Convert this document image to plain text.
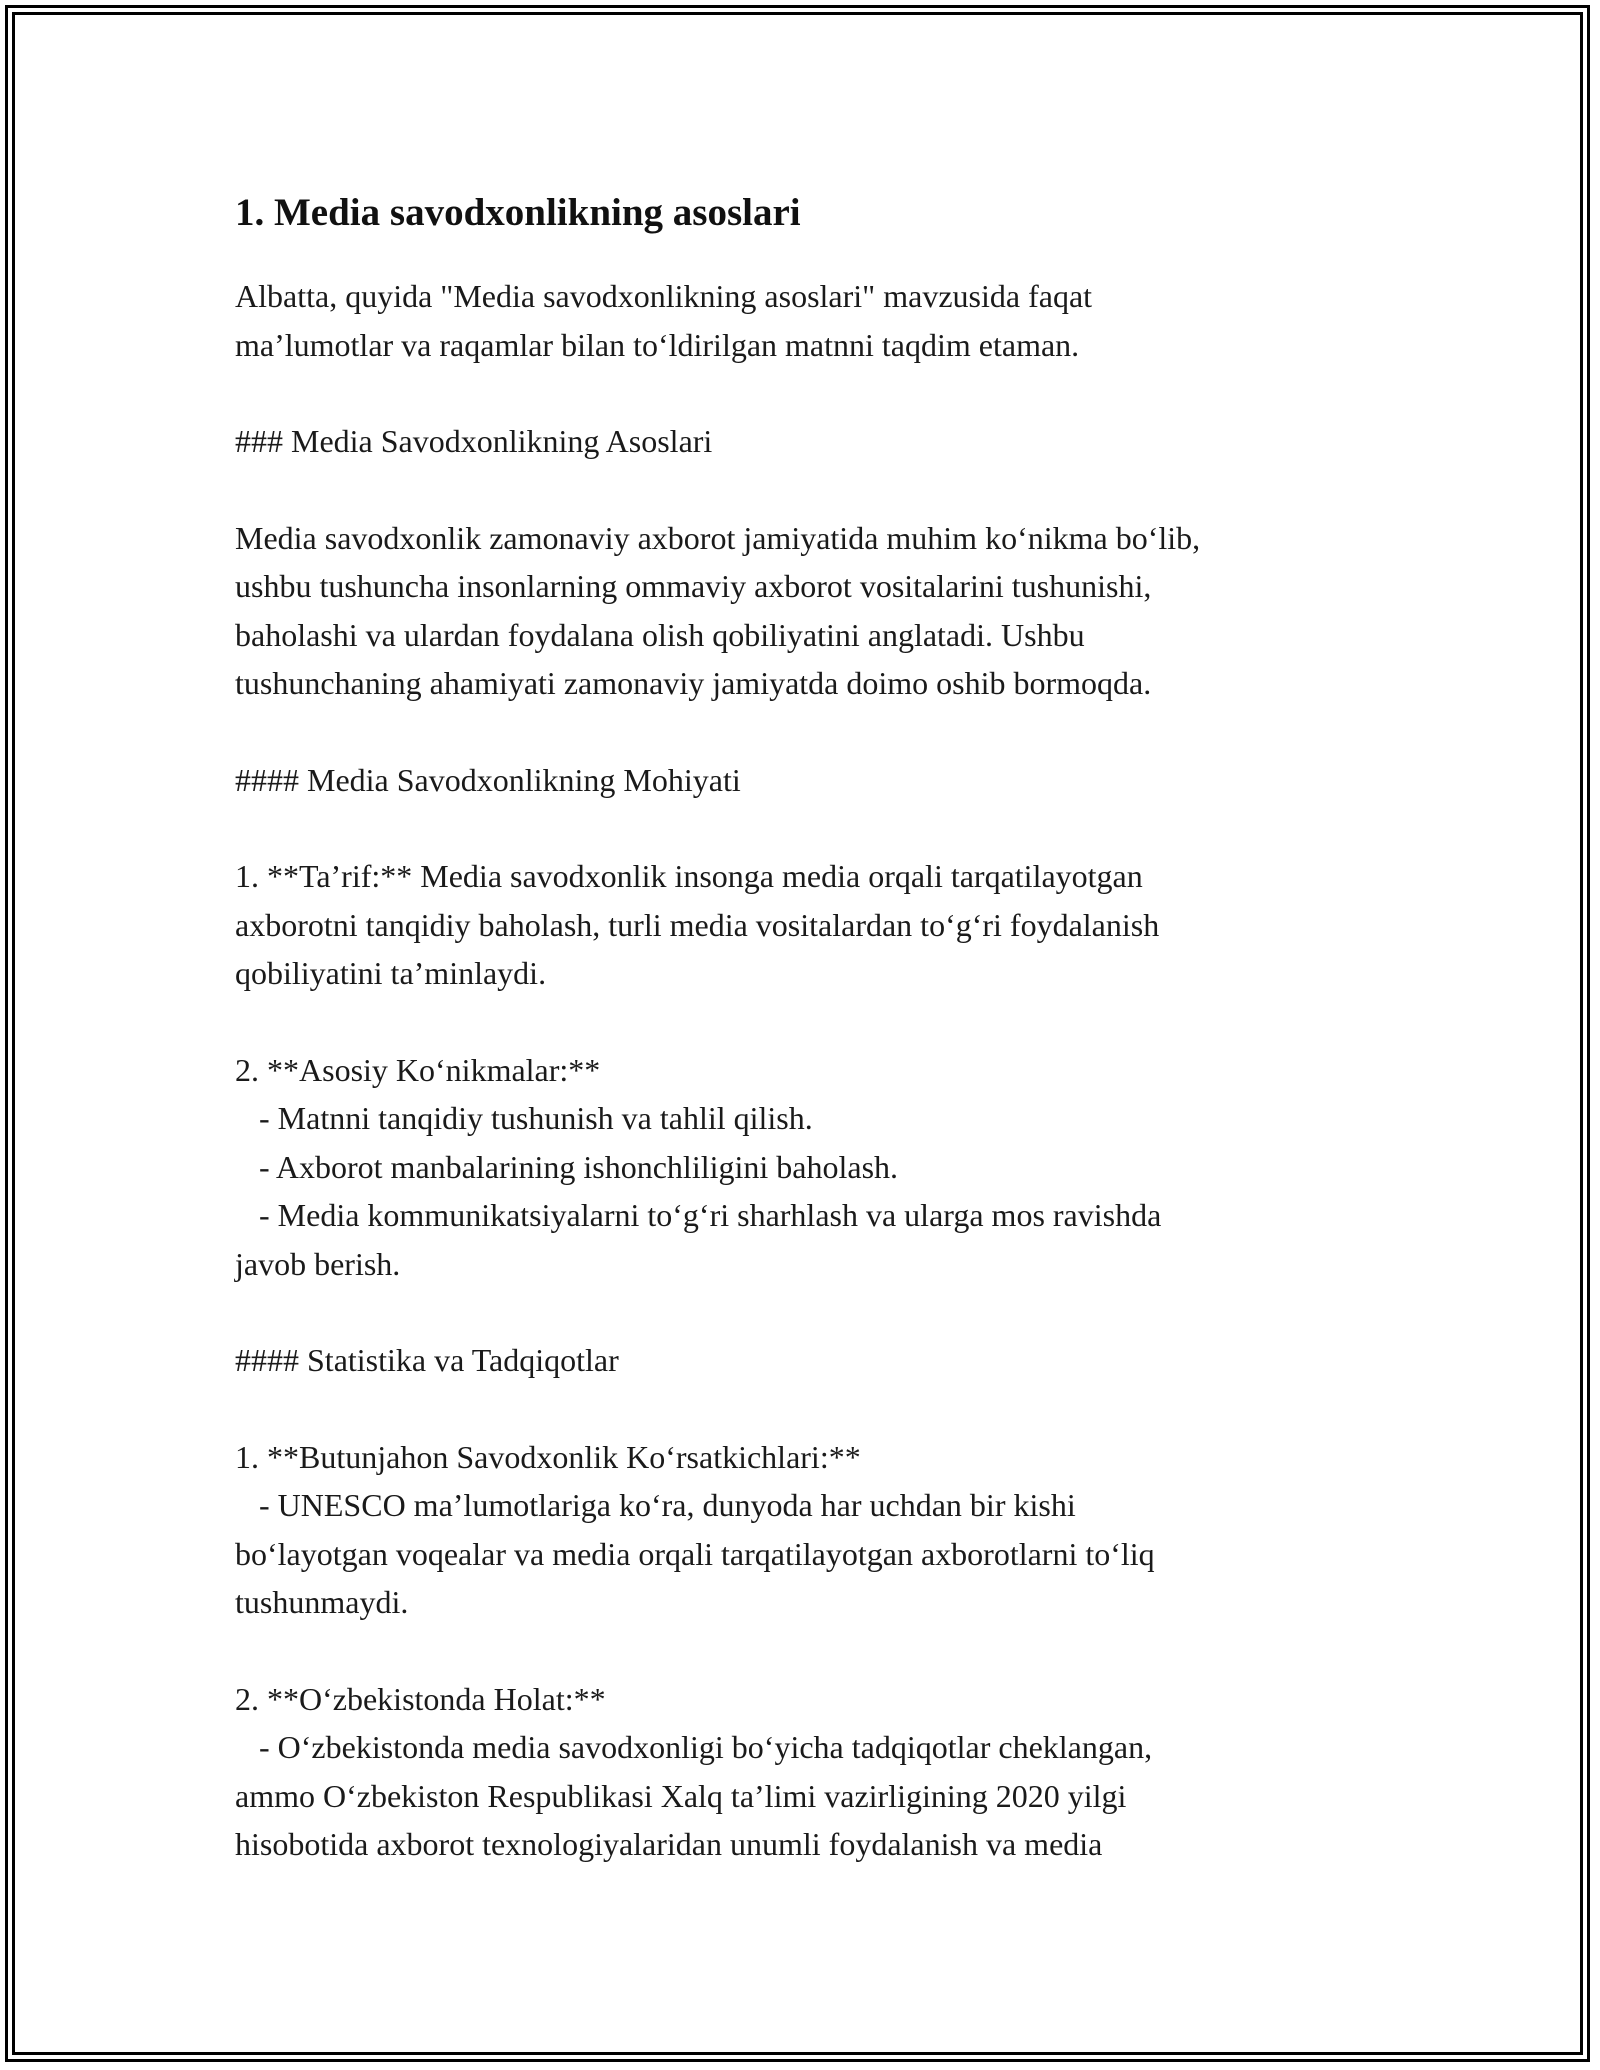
1. Media savodxonlikning asoslari

Albatta, quyida "Media savodxonlikning asoslari" mavzusida faqat
ma’lumotlar va raqamlar bilan to‘ldirilgan matnni taqdim etaman.

### Media Savodxonlikning Asoslari

Media savodxonlik zamonaviy axborot jamiyatida muhim ko‘nikma bo‘lib,
ushbu tushuncha insonlarning ommaviy axborot vositalarini tushunishi,
baholashi va ulardan foydalana olish qobiliyatini anglatadi. Ushbu
tushunchaning ahamiyati zamonaviy jamiyatda doimo oshib bormoqda.

#### Media Savodxonlikning Mohiyati

1. **Ta’rif:** Media savodxonlik insonga media orqali tarqatilayotgan
axborotni tanqidiy baholash, turli media vositalardan to‘g‘ri foydalanish
qobiliyatini ta’minlaydi.

2. **Asosiy Ko‘nikmalar:**
- Matnni tanqidiy tushunish va tahlil qilish.
- Axborot manbalarining ishonchliligini baholash.
- Media kommunikatsiyalarni to‘g‘ri sharhlash va ularga mos ravishda
javob berish.

#### Statistika va Tadqiqotlar

1. **Butunjahon Savodxonlik Ko‘rsatkichlari:**
- UNESCO ma’lumotlariga ko‘ra, dunyoda har uchdan bir kishi
bo‘layotgan voqealar va media orqali tarqatilayotgan axborotlarni to‘liq
tushunmaydi.

2. **O‘zbekistonda Holat:**
- O‘zbekistonda media savodxonligi bo‘yicha tadqiqotlar cheklangan,
ammo O‘zbekiston Respublikasi Xalq ta’limi vazirligining 2020 yilgi
hisobotida axborot texnologiyalaridan unumli foydalanish va media
